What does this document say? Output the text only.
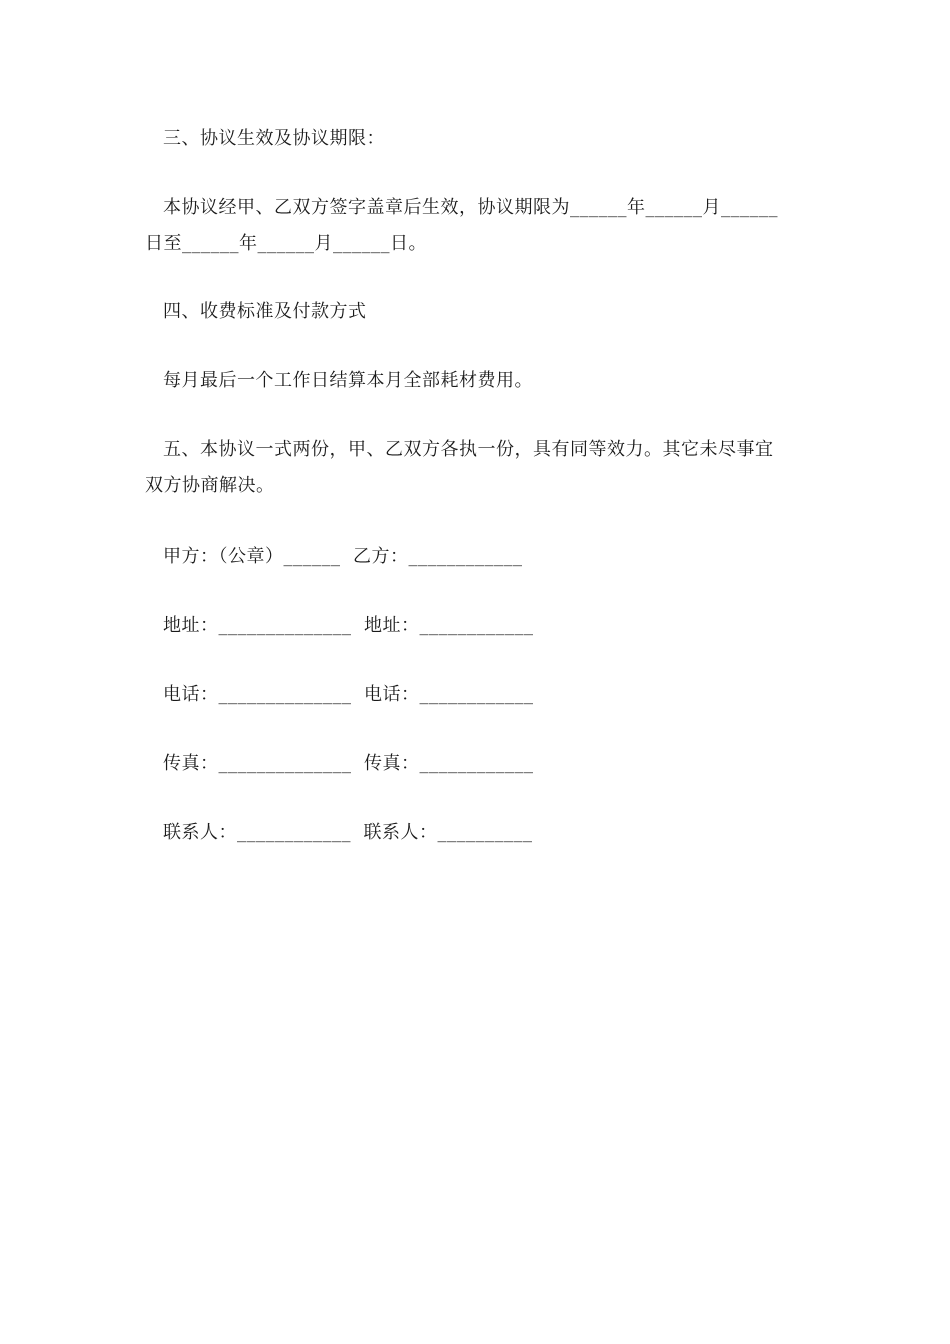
三、协议生效及协议期限：
本协议经甲、乙双方签字盖章后生效，协议期限为______年______月______
日至______年______月______日。
四、收费标准及付款方式
每月最后一个工作日结算本月全部耗材费用。
五、本协议一式两份，甲、乙双方各执一份，具有同等效力。其它未尽事宜
双方协商解决。
甲方：（公章）______  乙方：____________
地址：______________  地址：____________
电话：______________  电话：____________
传真：______________  传真：____________
联系人：____________  联系人：__________
